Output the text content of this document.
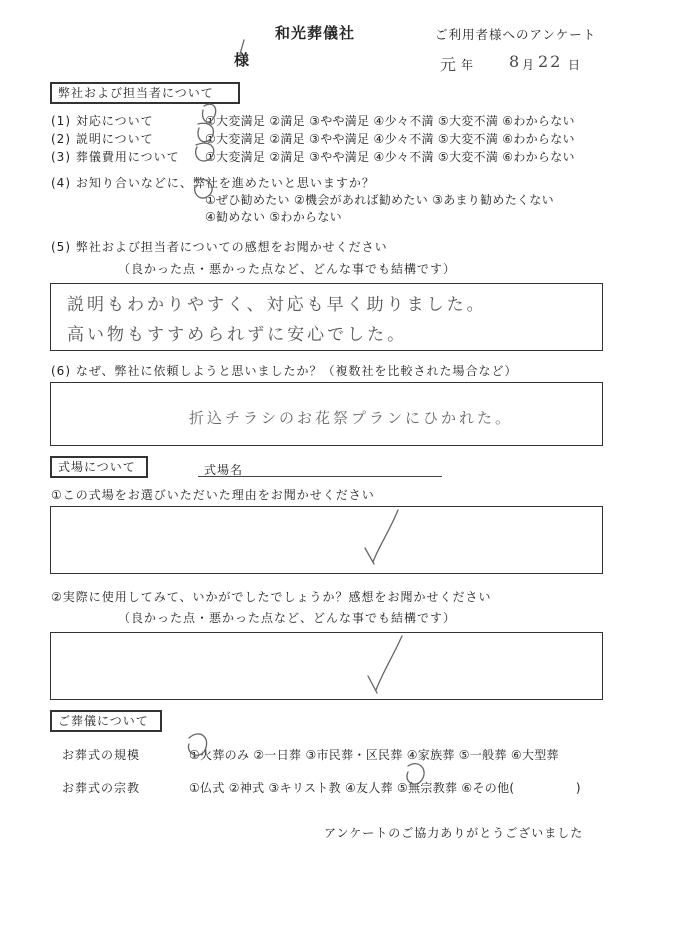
和光葬儀社	ご利用者様へのアンケート
様	元 年 8 月 22 日
弊社および担当者について
(1) 対応について	①大変満足 ②満足 ③やや満足 ④少々不満 ⑤大変不満 ⑥わからない
(2) 説明について	①大変満足 ②満足 ③やや満足 ④少々不満 ⑤大変不満 ⑥わからない
(3) 葬儀費用について ①大変満足 ②満足 ③やや満足 ④少々不満 ⑤大変不満 ⑥わからない
(4) お知り合いなどに、弊社を進めたいと思いますか？
①ぜひ勧めたい ②機会があれば勧めたい ③あまり勧めたくない
④勧めない ⑤わからない
(5) 弊社および担当者についての感想をお聞かせください
（良かった点・悪かった点など、どんな事でも結構です）
説明もわかりやすく、対応も早く助りました。
高い物もすすめられずに安心でした。
(6) なぜ、弊社に依頼しようと思いましたか？（複数社を比較された場合など）
折込チラシのお花祭プランにひかれた。
式場について	式場名
①この式場をお選びいただいた理由をお聞かせください
②実際に使用してみて、いかがでしたでしょうか？感想をお聞かせください
（良かった点・悪かった点など、どんな事でも結構です）
ご葬儀について
お葬式の規模	①火葬のみ ②一日葬 ③市民葬・区民葬 ④家族葬 ⑤一般葬 ⑥大型葬
お葬式の宗教	①仏式 ②神式 ③キリスト教 ④友人葬 ⑤無宗教葬 ⑥その他(　　　　　)
アンケートのご協力ありがとうございました
